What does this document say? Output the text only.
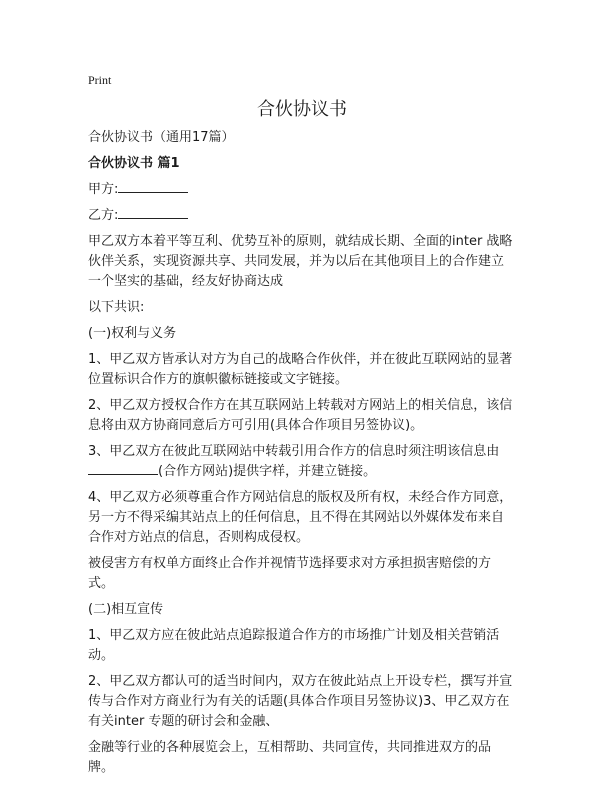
Print
合伙协议书

合伙协议书（通用17篇）

合伙协议书 篇1

甲方:

乙方:

甲乙双方本着平等互利、优势互补的原则，就结成长期、全面的inter 战略伙伴关系，实现资源共享、共同发展，并为以后在其他项目上的合作建立一个坚实的基础，经友好协商达成

以下共识:

(一)权利与义务

1、甲乙双方皆承认对方为自己的战略合作伙伴，并在彼此互联网站的显著位置标识合作方的旗帜徽标链接或文字链接。

2、甲乙双方授权合作方在其互联网站上转载对方网站上的相关信息，该信息将由双方协商同意后方可引用(具体合作项目另签协议)。

3、甲乙双方在彼此互联网站中转载引用合作方的信息时须注明该信息由
(合作方网站)提供字样，并建立链接。

4、甲乙双方必须尊重合作方网站信息的版权及所有权，未经合作方同意，另一方不得采编其站点上的任何信息，且不得在其网站以外媒体发布来自合作对方站点的信息，否则构成侵权。

被侵害方有权单方面终止合作并视情节选择要求对方承担损害赔偿的方式。

(二)相互宣传

1、甲乙双方应在彼此站点追踪报道合作方的市场推广计划及相关营销活动。

2、甲乙双方都认可的适当时间内，双方在彼此站点上开设专栏，撰写并宣传与合作对方商业行为有关的话题(具体合作项目另签协议)3、甲乙双方在有关inter 专题的研讨会和金融、

金融等行业的各种展览会上，互相帮助、共同宣传，共同推进双方的品牌。
